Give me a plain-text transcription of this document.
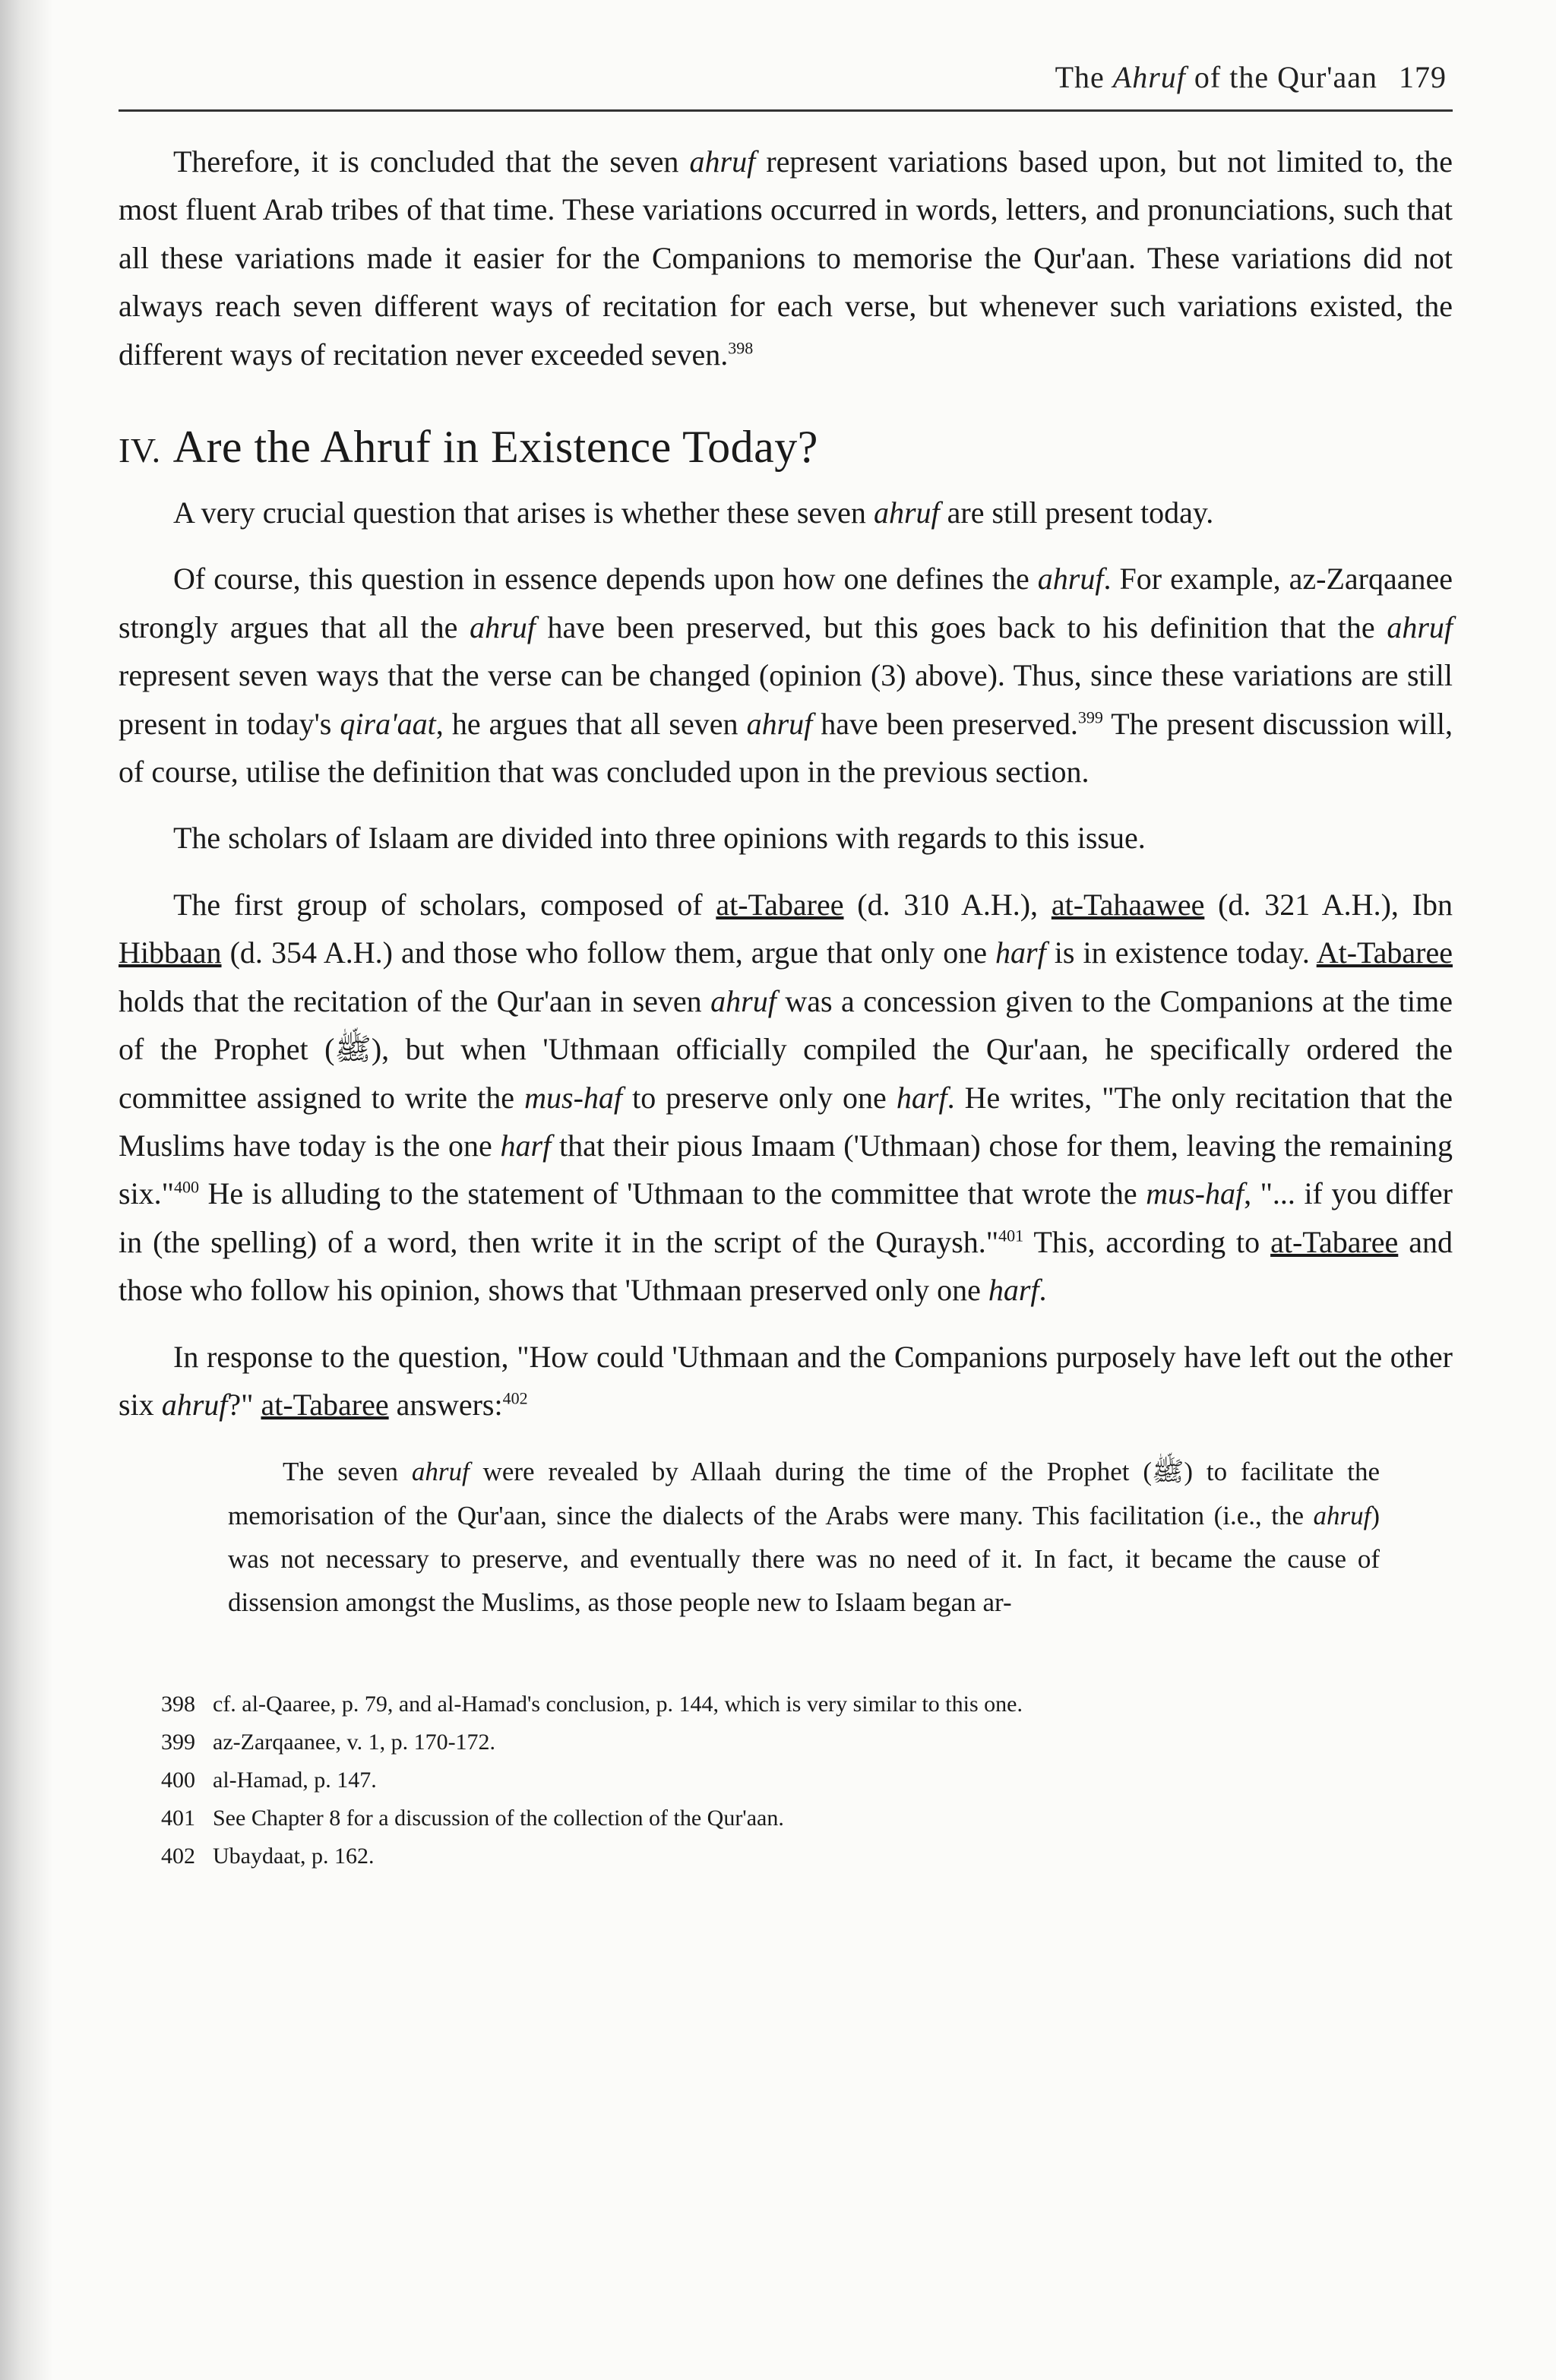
The Ahruf of the Qur'aan 179

Therefore, it is concluded that the seven ahruf represent variations based upon, but not limited to, the most fluent Arab tribes of that time. These variations occurred in words, letters, and pronunciations, such that all these variations made it easier for the Companions to memorise the Qur'aan. These variations did not always reach seven different ways of recitation for each verse, but whenever such variations existed, the different ways of recitation never exceeded seven.$^{398}$

IV. Are the Ahruf in Existence Today?

A very crucial question that arises is whether these seven ahruf are still present today.

Of course, this question in essence depends upon how one defines the ahruf. For example, az-Zarqaanee strongly argues that all the ahruf have been preserved, but this goes back to his definition that the ahruf represent seven ways that the verse can be changed (opinion (3) above). Thus, since these variations are still present in today's qira'aat, he argues that all seven ahruf have been preserved.$^{399}$ The present discussion will, of course, utilise the definition that was concluded upon in the previous section.

The scholars of Islaam are divided into three opinions with regards to this issue.

The first group of scholars, composed of at-Tabaree (d. 310 A.H.), at-Tahaawee (d. 321 A.H.), Ibn Hibbaan (d. 354 A.H.) and those who follow them, argue that only one harf is in existence today. At-Tabaree holds that the recitation of the Qur'aan in seven ahruf was a concession given to the Companions at the time of the Prophet (ﷺ), but when 'Uthmaan officially compiled the Qur'aan, he specifically ordered the committee assigned to write the mus-haf to preserve only one harf. He writes, "The only recitation that the Muslims have today is the one harf that their pious Imaam ('Uthmaan) chose for them, leaving the remaining six."$^{400}$ He is alluding to the statement of 'Uthmaan to the committee that wrote the mus-haf, "... if you differ in (the spelling) of a word, then write it in the script of the Quraysh."$^{401}$ This, according to at-Tabaree and those who follow his opinion, shows that 'Uthmaan preserved only one harf.

In response to the question, "How could 'Uthmaan and the Companions purposely have left out the other six ahruf?" at-Tabaree answers:$^{402}$

The seven ahruf were revealed by Allaah during the time of the Prophet (ﷺ) to facilitate the memorisation of the Qur'aan, since the dialects of the Arabs were many. This facilitation (i.e., the ahruf) was not necessary to preserve, and eventually there was no need of it. In fact, it became the cause of dissension amongst the Muslims, as those people new to Islaam began ar-

398 cf. al-Qaaree, p. 79, and al-Hamad's conclusion, p. 144, which is very similar to this one.
399 az-Zarqaanee, v. 1, p. 170-172.
400 al-Hamad, p. 147.
401 See Chapter 8 for a discussion of the collection of the Qur'aan.
402 Ubaydaat, p. 162.
